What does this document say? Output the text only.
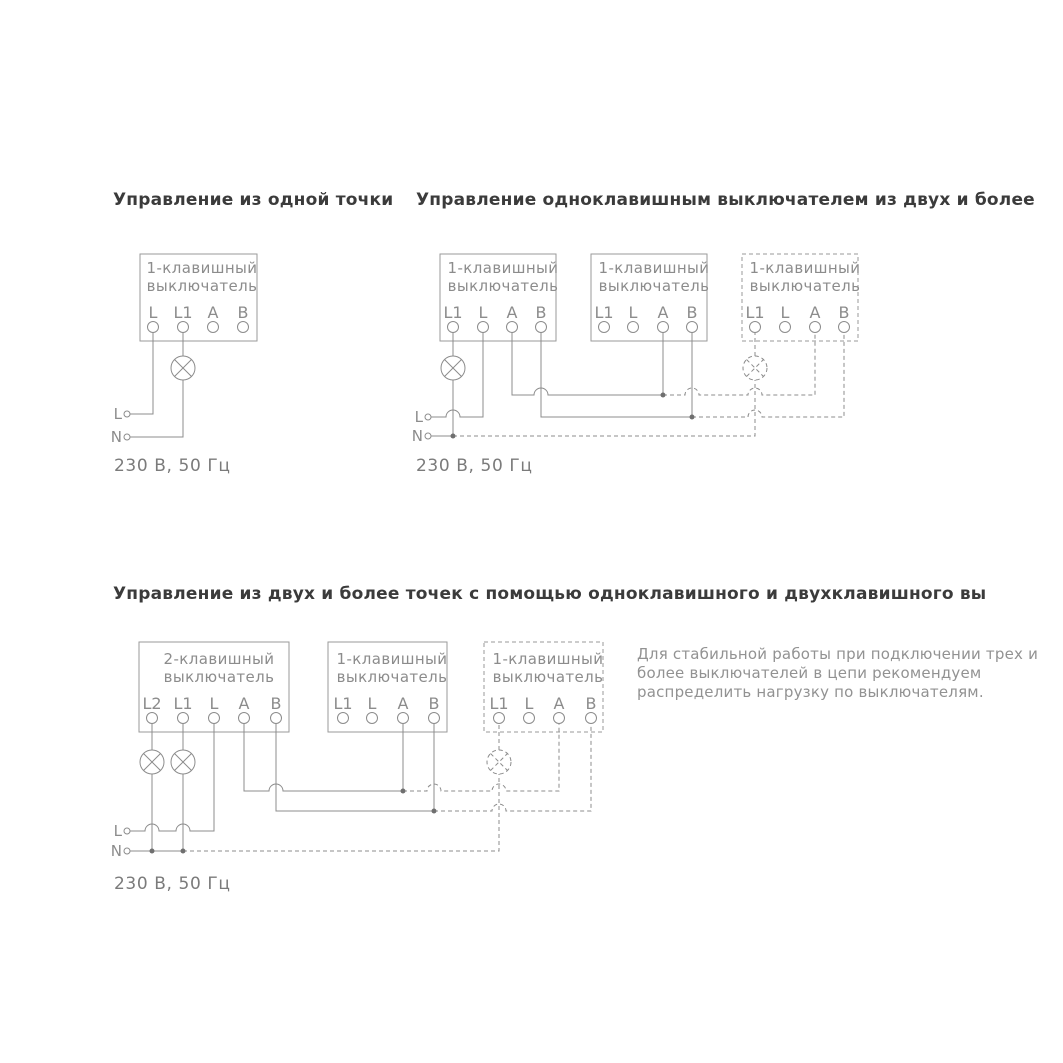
Управление из одной точки Управление одноклавишным выключателем из двух и более
Управление из двух и более точек с помощью одноклавишного и двухклавишного вы
Для стабильной работы при подключении трех и
более выключателей в цепи рекомендуем
распределить нагрузку по выключателям.
1-клавишный
выключатель
L L1 A B
L
N
230 В, 50 Гц
1-клавишный
выключатель
1-клавишный
выключатель
1-клавишный
выключатель
L1 L A B	L1 L A B	L1 L A B
L
N
230 В, 50 Гц
2-клавишный
выключатель
1-клавишный
выключатель
1-клавишный
выключатель
L2 L1 L A B	L1 L A B	L1 L A B
L
N
230 В, 50 Гц
